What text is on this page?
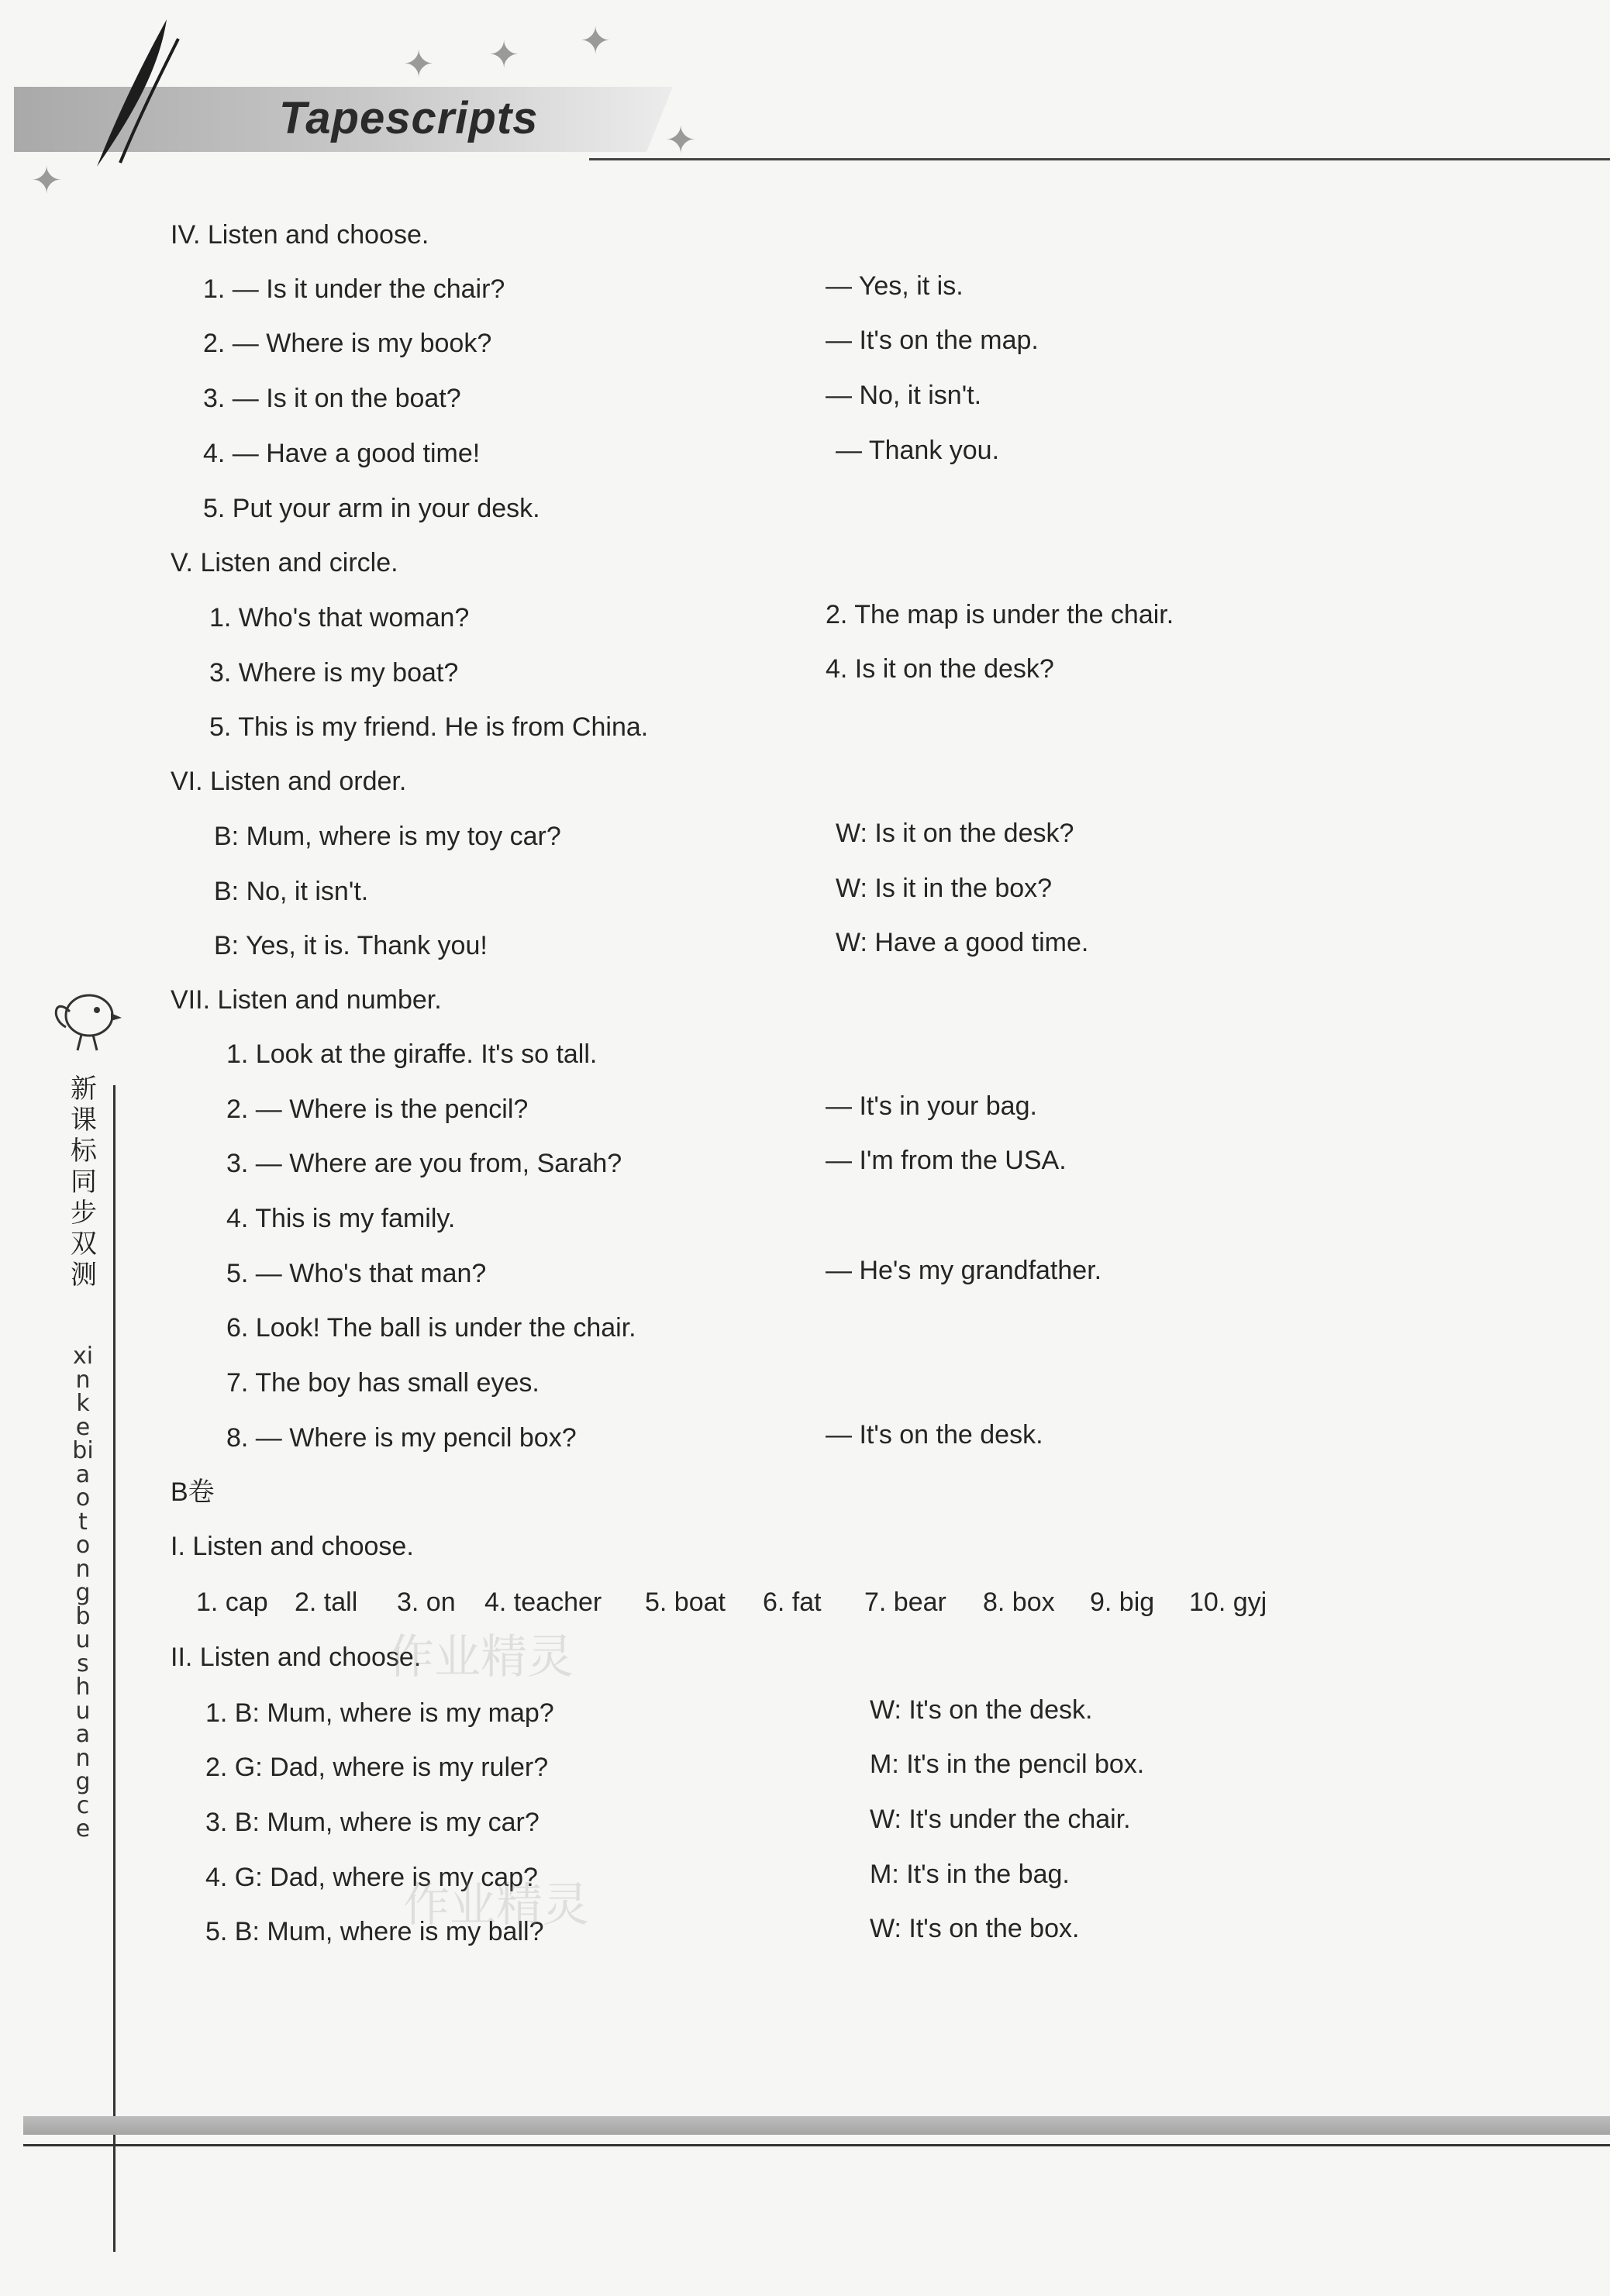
Tapescripts
✦ ✦ ✦
✦
✦
新课标同步双测
xinkebiaotongbushuangce
IV. Listen and choose.
1. — Is it under the chair?
2. — Where is my book?
3. — Is it on the boat?
4. — Have a good time!
5. Put your arm in your desk.
— Yes, it is.
— It's on the map.
— No, it isn't.
— Thank you.
V. Listen and circle.
1. Who's that woman?
3. Where is my boat?
5. This is my friend. He is from China.
2. The map is under the chair.
4. Is it on the desk?
VI. Listen and order.
B: Mum, where is my toy car?
B: No, it isn't.
B: Yes, it is. Thank you!
W: Is it on the desk?
W: Is it in the box?
W: Have a good time.
VII. Listen and number.
1. Look at the giraffe. It's so tall.
2. — Where is the pencil?
3. — Where are you from, Sarah?
4. This is my family.
5. — Who's that man?
6. Look! The ball is under the chair.
7. The boy has small eyes.
8. — Where is my pencil box?
— It's in your bag.
— I'm from the USA.
— He's my grandfather.
— It's on the desk.
B卷
I. Listen and choose.
1. cap 2. tall 3. on 4. teacher 5. boat 6. fat 7. bear 8. box 9. big 10. gyj
II. Listen and choose.
1. B: Mum, where is my map?
2. G: Dad, where is my ruler?
3. B: Mum, where is my car?
4. G: Dad, where is my cap?
5. B: Mum, where is my ball?
W: It's on the desk.
M: It's in the pencil box.
W: It's under the chair.
M: It's in the bag.
W: It's on the box.
作业精灵
作业精灵
